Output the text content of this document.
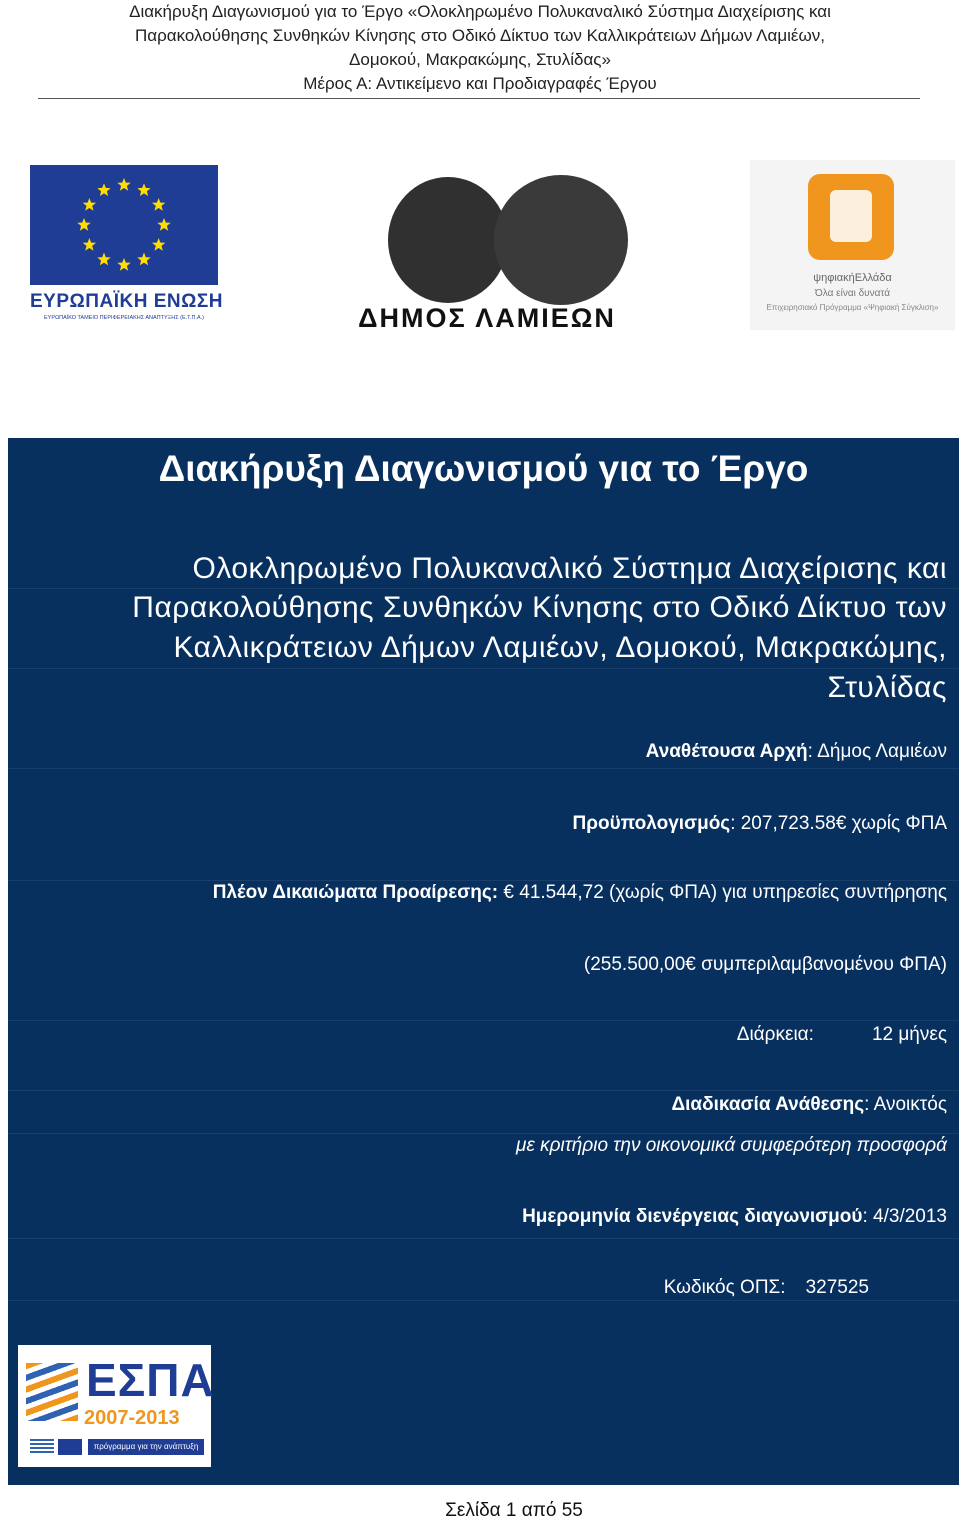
Διακήρυξη Διαγωνισμού για το Έργο «Ολοκληρωμένο Πολυκαναλικό Σύστημα Διαχείρισης και
Παρακολούθησης Συνθηκών Κίνησης στο Οδικό Δίκτυο των Καλλικράτειων Δήμων Λαμιέων,
Δομοκού, Μακρακώμης, Στυλίδας»
Μέρος Α: Αντικείμενο και Προδιαγραφές Έργου
ΕΥΡΩΠΑΪΚΗ ΕΝΩΣΗ
ΕΥΡΩΠΑΪΚΟ ΤΑΜΕΙΟ ΠΕΡΙΦΕΡΕΙΑΚΗΣ ΑΝΑΠΤΥΞΗΣ (Ε.Τ.Π.Α.)	ΔΗΜΟΣ ΛΑΜΙΕΩΝ
ψηφιακήΕλλάδα
Όλα είναι δυνατά
Επιχειρησιακό Πρόγραμμα «Ψηφιακή Σύγκλιση»
Διακήρυξη Διαγωνισμού για το Έργο
Ολοκληρωμένο Πολυκαναλικό Σύστημα Διαχείρισης και
Παρακολούθησης Συνθηκών Κίνησης στο Οδικό Δίκτυο των
Καλλικράτειων Δήμων Λαμιέων, Δομοκού, Μακρακώμης,
Στυλίδας
Αναθέτουσα Αρχή: Δήμος Λαμιέων
Προϋπολογισμός: 207,723.58€ χωρίς ΦΠΑ
Πλέον Δικαιώματα Προαίρεσης: € 41.544,72 (χωρίς ΦΠΑ) για υπηρεσίες συντήρησης
(255.500,00€ συμπεριλαμβανομένου ΦΠΑ)
Διάρκεια:	12 μήνες
Διαδικασία Ανάθεσης: Ανοικτός
με κριτήριο την οικονομικά συμφερότερη προσφορά
Ημερομηνία διενέργειας διαγωνισμού: 4/3/2013
Κωδικός ΟΠΣ: 327525
ΕΣΠΑ
2007-2013
πρόγραμμα για την ανάπτυξη
Σελίδα 1 από 55
